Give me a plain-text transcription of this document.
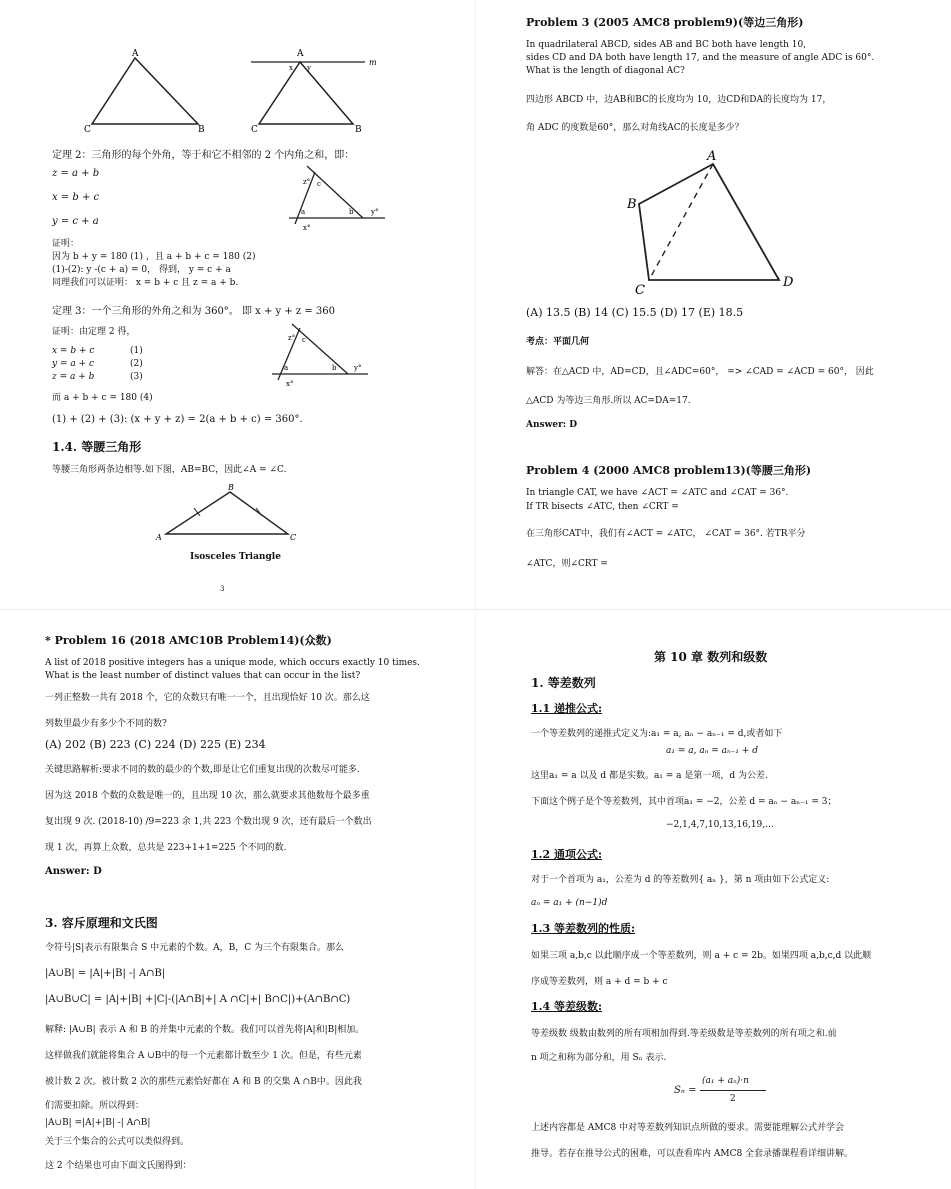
A
C	B
A
x y
m
C	B
定理 2：三角形的每个外角，等于和它不相邻的 2 个内角之和，即：
z = a + b
x = b + c
y = c + a
z° c
a	b	y°
x°
证明：
因为 b + y = 180 (1) ，且 a + b + c = 180 (2)
(1)-(2): y -(c + a) = 0， 得到， y = c + a
同理我们可以证明： x = b + c 且 z = a + b.
定理 3：一个三角形的外角之和为 360°。 即 x + y + z = 360
证明：由定理 2 得，
x = b + c	(1)
y = a + c	(2)
z = a + b	(3)
z° c
a	b	y°
x°
而 a + b + c = 180 (4)
(1) + (2) + (3): (x + y + z) = 2(a + b + c) = 360°.
1.4. 等腰三角形
等腰三角形两条边相等.如下图，AB=BC，因此∠A = ∠C.
B
A	C
Isosceles Triangle
3
Problem 3 (2005 AMC8 problem9)(等边三角形)
In quadrilateral ABCD, sides AB and BC both have length 10,
sides CD and DA both have length 17, and the measure of angle ADC is 60°.
What is the length of diagonal AC?
四边形 ABCD 中，边AB和BC的长度均为 10，边CD和DA的长度均为 17，
角 ADC 的度数是60°，那么对角线AC的长度是多少？
A
B
C
D
(A) 13.5 (B) 14 (C) 15.5 (D) 17 (E) 18.5
考点：平面几何
解答：在△ACD 中，AD=CD，且∠ADC=60°， => ∠CAD = ∠ACD = 60°， 因此
△ACD 为等边三角形.所以 AC=DA=17.
Answer: D
Problem 4 (2000 AMC8 problem13)(等腰三角形)
In triangle CAT, we have ∠ACT = ∠ATC and ∠CAT = 36°.
If TR bisects ∠ATC, then ∠CRT =
在三角形CAT中，我们有∠ACT = ∠ATC， ∠CAT = 36°. 若TR平分
∠ATC，则∠CRT =
* Problem 16 (2018 AMC10B Problem14)(众数)
A list of 2018 positive integers has a unique mode, which occurs exactly 10 times.
What is the least number of distinct values that can occur in the list?
一列正整数一共有 2018 个，它的众数只有唯一一个，且出现恰好 10 次。那么这
列数里最少有多少个不同的数?
(A) 202 (B) 223 (C) 224 (D) 225 (E) 234
关键思路解析:要求不同的数的最少的个数,即是让它们重复出现的次数尽可能多.
因为这 2018 个数的众数是唯一的，且出现 10 次，那么就要求其他数每个最多重
复出现 9 次. (2018-10) /9=223 余 1,共 223 个数出现 9 次，还有最后一个数出
现 1 次，再算上众数，总共是 223+1+1=225 个不同的数.
Answer: D
3. 容斥原理和文氏图
令符号|S|表示有限集合 S 中元素的个数。A，B，C 为三个有限集合。那么
|A∪B| = |A|+|B| -| A∩B|
|A∪B∪C| = |A|+|B| +|C|-(|A∩B|+| A ∩C|+| B∩C|)+(A∩B∩C)
解释: |A∪B| 表示 A 和 B 的并集中元素的个数。我们可以首先将|A|和|B|相加。
这样做我们就能将集合 A ∪B中的每一个元素都计数至少 1 次。但是，有些元素
被计数 2 次。被计数 2 次的那些元素恰好都在 A 和 B 的交集 A ∩B中。因此我
们需要扣除。所以得到：
|A∪B| =|A|+|B| -| A∩B|
关于三个集合的公式可以类似得到。
这 2 个结果也可由下面文氏图得到：
第 10 章 数列和级数
1. 等差数列
1.1 递推公式:
一个等差数列的递推式定义为:a₁ = a, aₙ − aₙ₋₁ = d,或者如下
a₁ = a, aₙ = aₙ₋₁ + d
这里a₁ = a 以及 d 都是实数。a₁ = a 是第一项，d 为公差.
下面这个例子是个等差数列，其中首项a₁ = −2，公差 d = aₙ − aₙ₋₁ = 3；
−2,1,4,7,10,13,16,19,...
1.2 通项公式:
对于一个首项为 a₁，公差为 d 的等差数列{ aₙ }，第 n 项由如下公式定义:
aₙ = a₁ + (n−1)d
1.3 等差数列的性质:
如果三项 a,b,c 以此顺序成一个等差数列，则 a + c = 2b。如果四项 a,b,c,d 以此顺
序成等差数列，则 a + d = b + c
1.4 等差级数:
等差级数 级数由数列的所有项相加得到.等差级数是等差数列的所有项之和.前
n 项之和称为部分和，用 Sₙ 表示.
Sₙ =
(a₁ + aₙ)·n
2
上述内容都是 AMC8 中对等差数列知识点所做的要求。需要能理解公式并学会
推导。若存在推导公式的困难，可以查看库内 AMC8 全套录播课程看详细讲解。
